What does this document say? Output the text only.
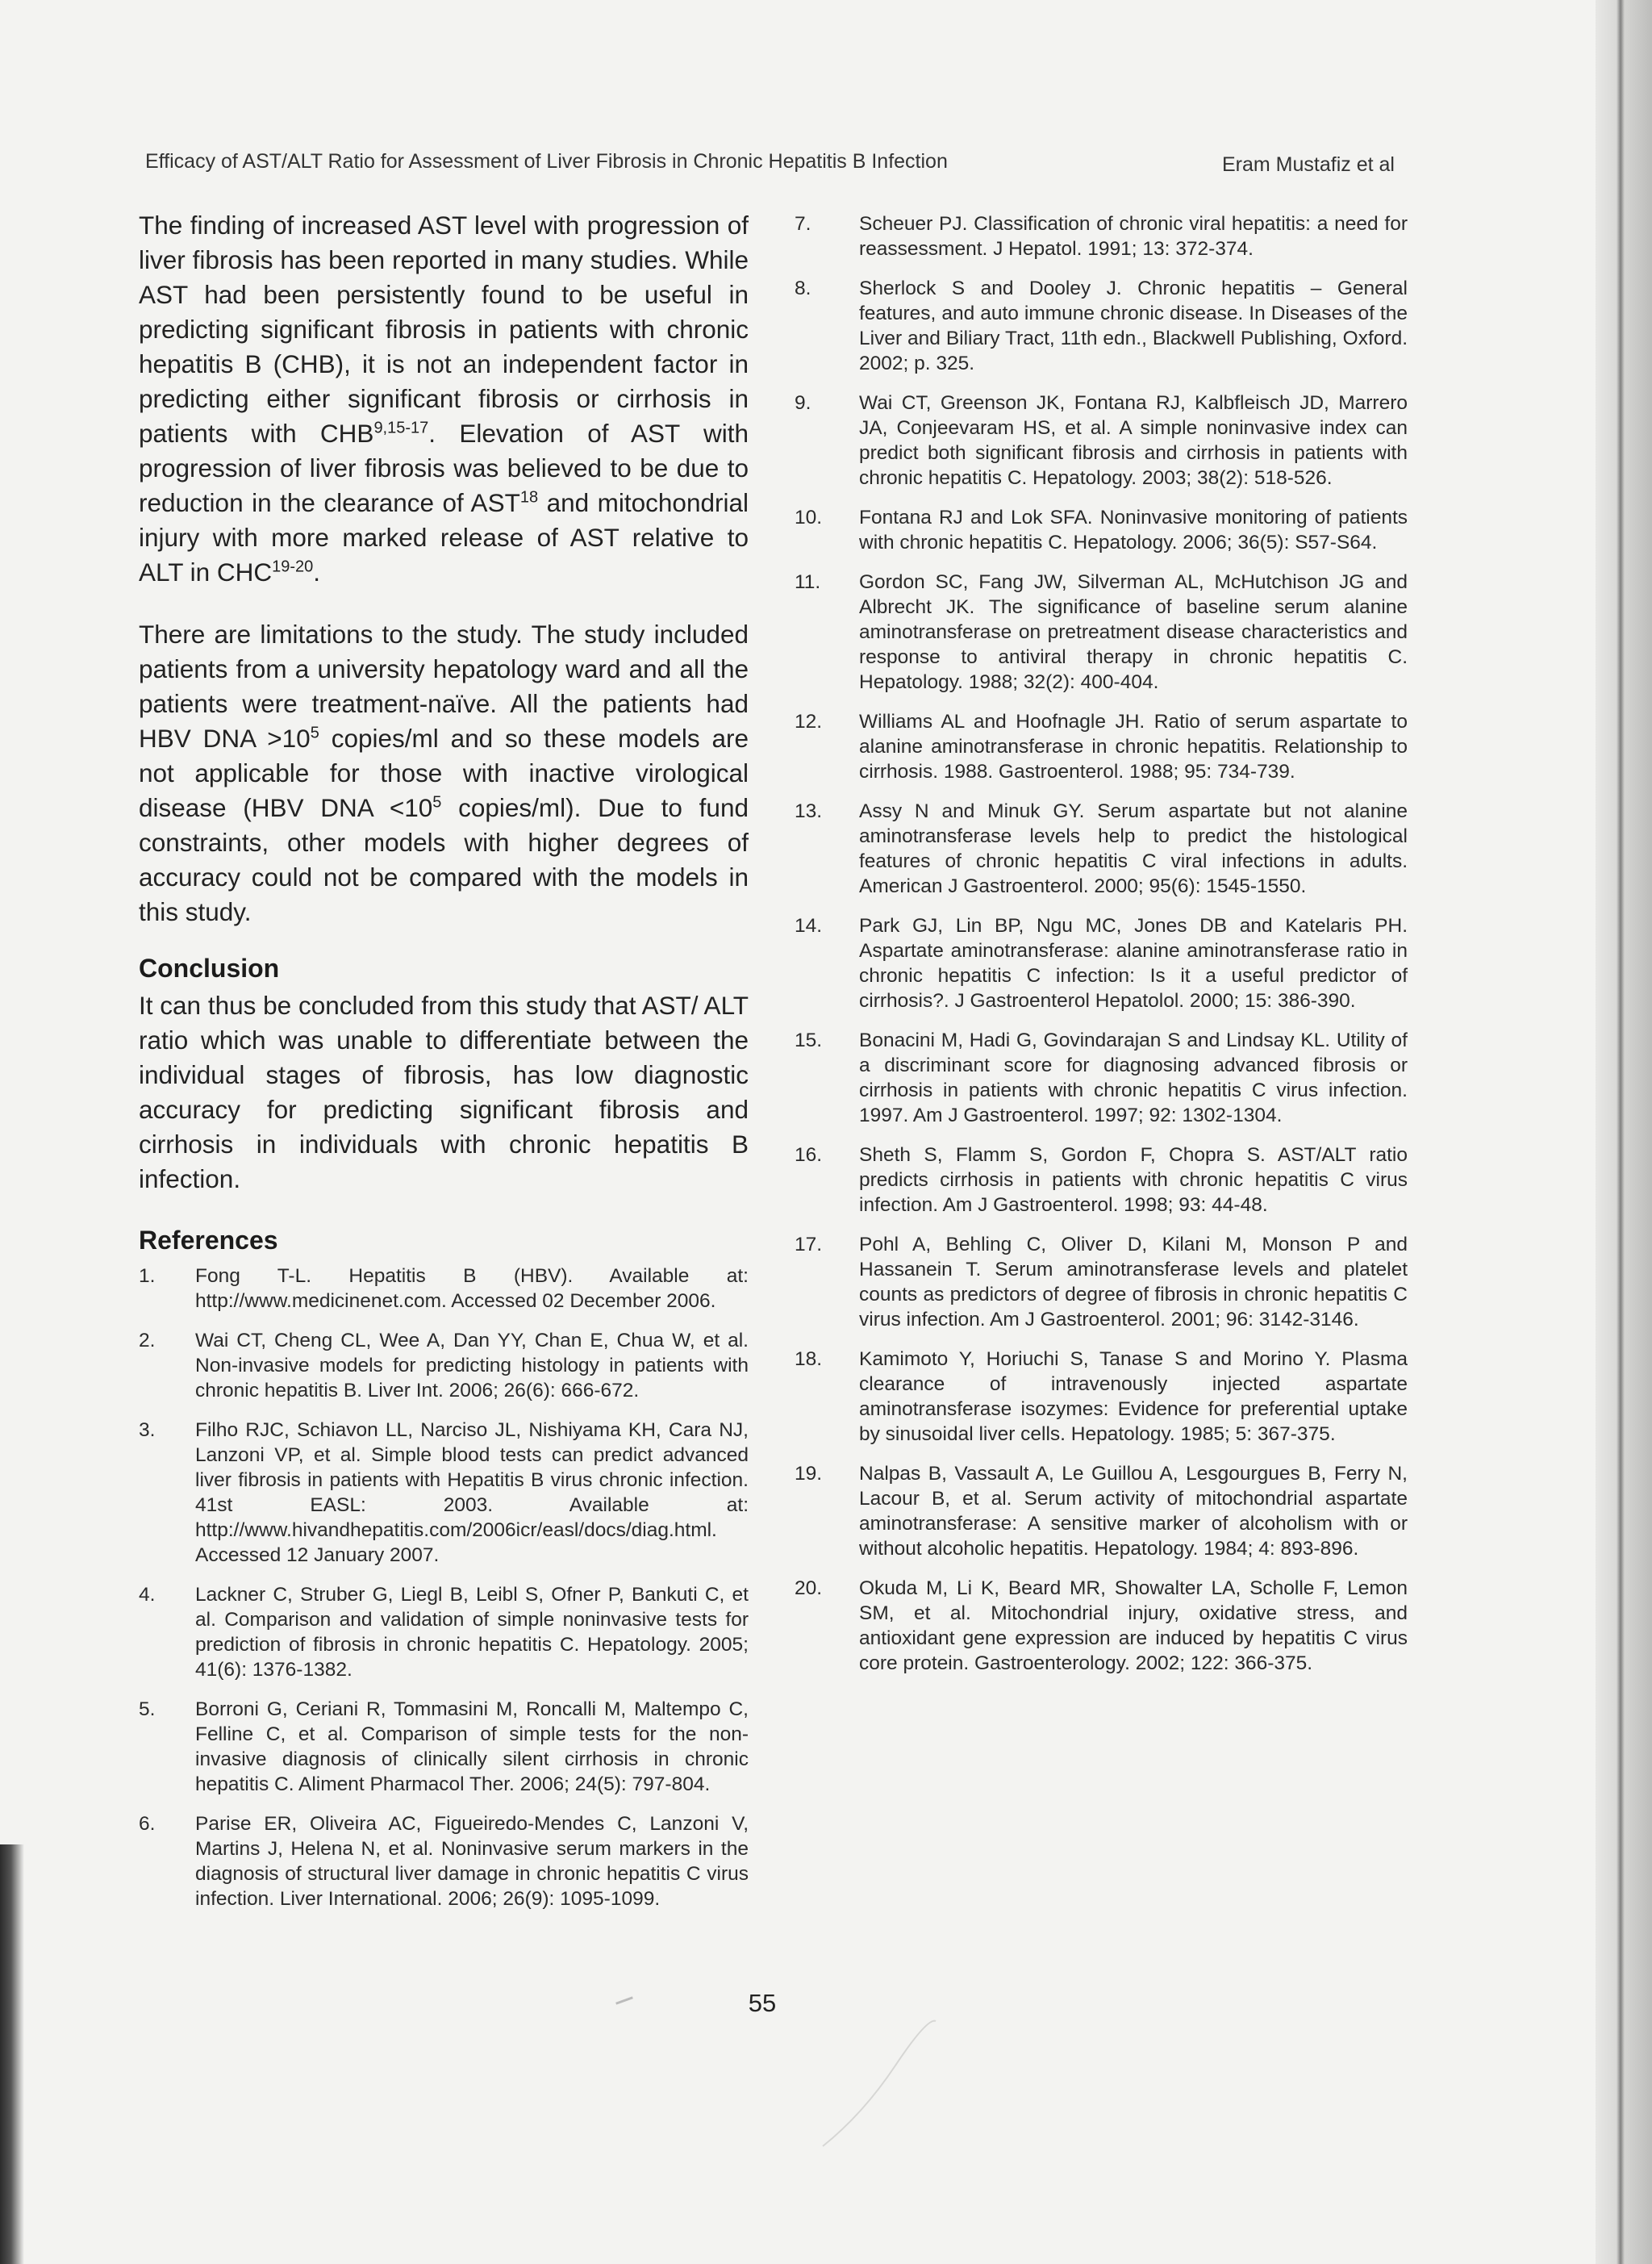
Efficacy of AST/ALT Ratio for Assessment of Liver Fibrosis in Chronic Hepatitis B Infection	Eram Mustafiz et al

The finding of increased AST level with progression of liver fibrosis has been reported in many studies. While AST had been persistently found to be useful in predicting significant fibrosis in patients with chronic hepatitis B (CHB), it is not an independent factor in predicting either significant fibrosis or cirrhosis in patients with CHB$^{9,15-17}$. Elevation of AST with progression of liver fibrosis was believed to be due to reduction in the clearance of AST$^{18}$ and mitochondrial injury with more marked release of AST relative to ALT in CHC$^{19-20}$.

There are limitations to the study. The study included patients from a university hepatology ward and all the patients were treatment-naïve. All the patients had HBV DNA $>10^5$ copies/ml and so these models are not applicable for those with inactive virological disease (HBV DNA $<10^5$ copies/ml). Due to fund constraints, other models with higher degrees of accuracy could not be compared with the models in this study.

Conclusion

It can thus be concluded from this study that AST/ ALT ratio which was unable to differentiate between the individual stages of fibrosis, has low diagnostic accuracy for predicting significant fibrosis and cirrhosis in individuals with chronic hepatitis B infection.

References
1.	Fong T-L. Hepatitis B (HBV). Available at: http://www.medicinenet.com. Accessed 02 December 2006.
2.	Wai CT, Cheng CL, Wee A, Dan YY, Chan E, Chua W, et al. Non-invasive models for predicting histology in patients with chronic hepatitis B. Liver Int. 2006; 26(6): 666-672.
3.	Filho RJC, Schiavon LL, Narciso JL, Nishiyama KH, Cara NJ, Lanzoni VP, et al. Simple blood tests can predict advanced liver fibrosis in patients with Hepatitis B virus chronic infection. 41st EASL: 2003. Available at: http://www.hivandhepatitis.com/2006icr/easl/docs/diag.html. Accessed 12 January 2007.
4.	Lackner C, Struber G, Liegl B, Leibl S, Ofner P, Bankuti C, et al. Comparison and validation of simple noninvasive tests for prediction of fibrosis in chronic hepatitis C. Hepatology. 2005; 41(6): 1376-1382.
5.	Borroni G, Ceriani R, Tommasini M, Roncalli M, Maltempo C, Felline C, et al. Comparison of simple tests for the non-invasive diagnosis of clinically silent cirrhosis in chronic hepatitis C. Aliment Pharmacol Ther. 2006; 24(5): 797-804.
6.	Parise ER, Oliveira AC, Figueiredo-Mendes C, Lanzoni V, Martins J, Helena N, et al. Noninvasive serum markers in the diagnosis of structural liver damage in chronic hepatitis C virus infection. Liver International. 2006; 26(9): 1095-1099.
7.	Scheuer PJ. Classification of chronic viral hepatitis: a need for reassessment. J Hepatol. 1991; 13: 372-374.
8.	Sherlock S and Dooley J. Chronic hepatitis – General features, and auto immune chronic disease. In Diseases of the Liver and Biliary Tract, 11th edn., Blackwell Publishing, Oxford. 2002; p. 325.
9.	Wai CT, Greenson JK, Fontana RJ, Kalbfleisch JD, Marrero JA, Conjeevaram HS, et al. A simple noninvasive index can predict both significant fibrosis and cirrhosis in patients with chronic hepatitis C. Hepatology. 2003; 38(2): 518-526.
10.	Fontana RJ and Lok SFA. Noninvasive monitoring of patients with chronic hepatitis C. Hepatology. 2006; 36(5): S57-S64.
11.	Gordon SC, Fang JW, Silverman AL, McHutchison JG and Albrecht JK. The significance of baseline serum alanine aminotransferase on pretreatment disease characteristics and response to antiviral therapy in chronic hepatitis C. Hepatology. 1988; 32(2): 400-404.
12.	Williams AL and Hoofnagle JH. Ratio of serum aspartate to alanine aminotransferase in chronic hepatitis. Relationship to cirrhosis. 1988. Gastroenterol. 1988; 95: 734-739.
13.	Assy N and Minuk GY. Serum aspartate but not alanine aminotransferase levels help to predict the histological features of chronic hepatitis C viral infections in adults. American J Gastroenterol. 2000; 95(6): 1545-1550.
14.	Park GJ, Lin BP, Ngu MC, Jones DB and Katelaris PH. Aspartate aminotransferase: alanine aminotransferase ratio in chronic hepatitis C infection: Is it a useful predictor of cirrhosis?. J Gastroenterol Hepatolol. 2000; 15: 386-390.
15.	Bonacini M, Hadi G, Govindarajan S and Lindsay KL. Utility of a discriminant score for diagnosing advanced fibrosis or cirrhosis in patients with chronic hepatitis C virus infection. 1997. Am J Gastroenterol. 1997; 92: 1302-1304.
16.	Sheth S, Flamm S, Gordon F, Chopra S. AST/ALT ratio predicts cirrhosis in patients with chronic hepatitis C virus infection. Am J Gastroenterol. 1998; 93: 44-48.
17.	Pohl A, Behling C, Oliver D, Kilani M, Monson P and Hassanein T. Serum aminotransferase levels and platelet counts as predictors of degree of fibrosis in chronic hepatitis C virus infection. Am J Gastroenterol. 2001; 96: 3142-3146.
18.	Kamimoto Y, Horiuchi S, Tanase S and Morino Y. Plasma clearance of intravenously injected aspartate aminotransferase isozymes: Evidence for preferential uptake by sinusoidal liver cells. Hepatology. 1985; 5: 367-375.
19.	Nalpas B, Vassault A, Le Guillou A, Lesgourgues B, Ferry N, Lacour B, et al. Serum activity of mitochondrial aspartate aminotransferase: A sensitive marker of alcoholism with or without alcoholic hepatitis. Hepatology. 1984; 4: 893-896.
20.	Okuda M, Li K, Beard MR, Showalter LA, Scholle F, Lemon SM, et al. Mitochondrial injury, oxidative stress, and antioxidant gene expression are induced by hepatitis C virus core protein. Gastroenterology. 2002; 122: 366-375.
55
